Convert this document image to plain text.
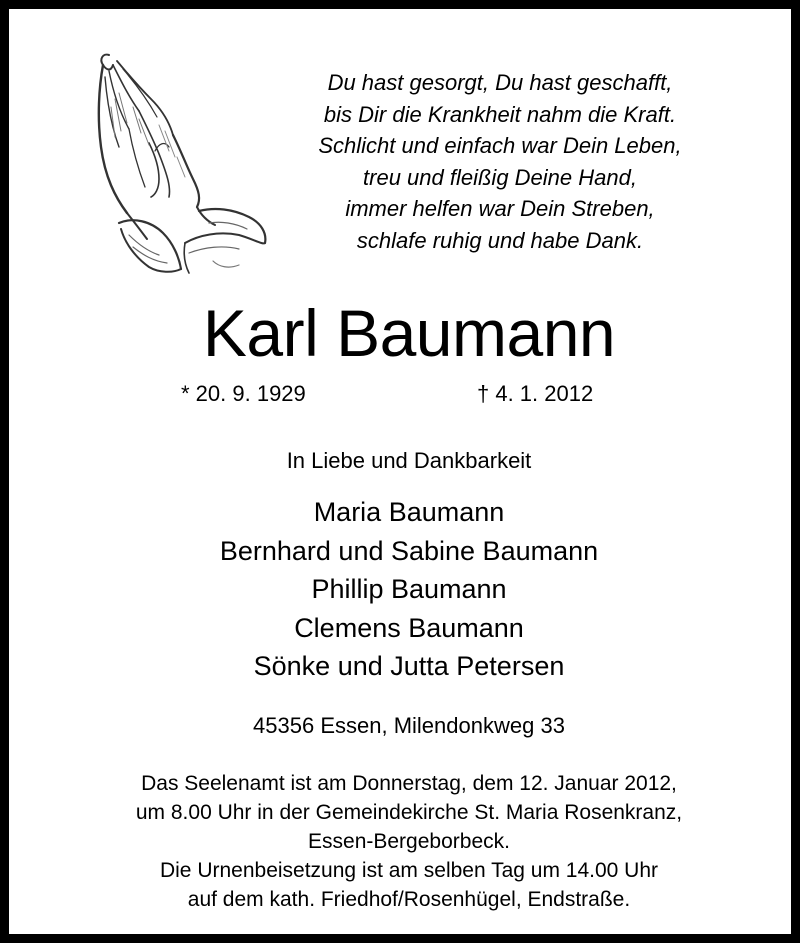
Du hast gesorgt, Du hast geschafft,
bis Dir die Krankheit nahm die Kraft.
Schlicht und einfach war Dein Leben,
treu und fleißig Deine Hand,
immer helfen war Dein Streben,
schlafe ruhig und habe Dank.
Karl Baumann
* 20. 9. 1929	† 4. 1. 2012
In Liebe und Dankbarkeit
Maria Baumann
Bernhard und Sabine Baumann
Phillip Baumann
Clemens Baumann
Sönke und Jutta Petersen
45356 Essen, Milendonkweg 33
Das Seelenamt ist am Donnerstag, dem 12. Januar 2012,
um 8.00 Uhr in der Gemeindekirche St. Maria Rosenkranz,
Essen-Bergeborbeck.
Die Urnenbeisetzung ist am selben Tag um 14.00 Uhr
auf dem kath. Friedhof/Rosenhügel, Endstraße.
